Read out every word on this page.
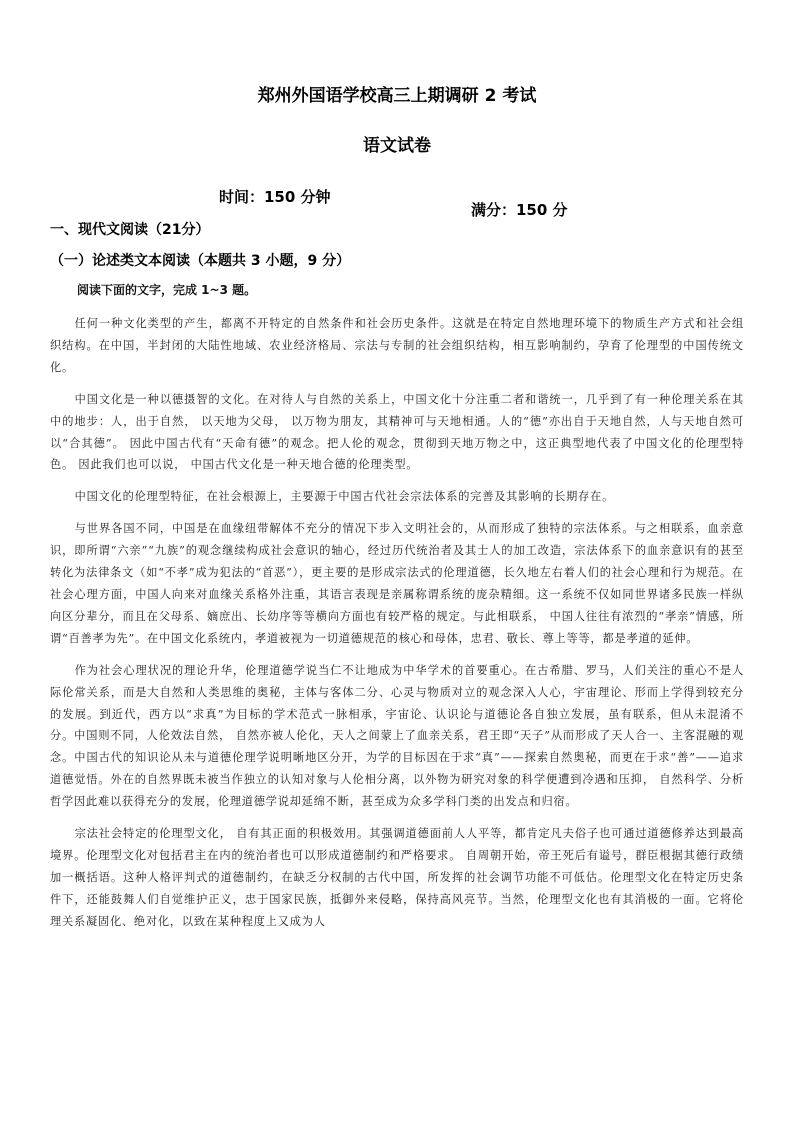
郑州外国语学校高三上期调研 2 考试
语文试卷
时间：150 分钟
满分：150 分
一、现代文阅读（21分）
（一）论述类文本阅读（本题共 3 小题，9 分）
阅读下面的文字，完成 1~3 题。

任何一种文化类型的产生，都离不开特定的自然条件和社会历史条件。这就是在特定自然地理环境下的物质生产方式和社会组织结构。在中国，半封闭的大陆性地域、农业经济格局、宗法与专制的社会组织结构，相互影响制约，孕育了伦理型的中国传统文化。

中国文化是一种以德摄智的文化。在对待人与自然的关系上，中国文化十分注重二者和谐统一，几乎到了有一种伦理关系在其中的地步：人，出于自然， 以天地为父母， 以万物为朋友，其精神可与天地相通。人的“德”亦出自于天地自然，人与天地自然可以“合其德”。 因此中国古代有“天命有德”的观念。把人伦的观念，贯彻到天地万物之中，这正典型地代表了中国文化的伦理型特色。 因此我们也可以说， 中国古代文化是一种天地合德的伦理类型。

中国文化的伦理型特征，在社会根源上，主要源于中国古代社会宗法体系的完善及其影响的长期存在。

与世界各国不同，中国是在血缘纽带解体不充分的情况下步入文明社会的，从而形成了独特的宗法体系。与之相联系，血亲意识，即所谓“六亲”“九族”的观念继续构成社会意识的轴心，经过历代统治者及其士人的加工改造，宗法体系下的血亲意识有的甚至转化为法律条文（如“不孝”成为犯法的“首恶”），更主要的是形成宗法式的伦理道德，长久地左右着人们的社会心理和行为规范。在社会心理方面，中国人向来对血缘关系格外注重，其语言表现是亲属称谓系统的庞杂精细。这一系统不仅如同世界诸多民族一样纵向区分辈分，而且在父母系、嫡庶出、长幼序等等横向方面也有较严格的规定。与此相联系， 中国人往往有浓烈的“孝亲”情感，所谓“百善孝为先”。在中国文化系统内，孝道被视为一切道德规范的核心和母体，忠君、敬长、尊上等等，都是孝道的延伸。

作为社会心理状况的理论升华，伦理道德学说当仁不让地成为中华学术的首要重心。在古希腊、罗马，人们关注的重心不是人际伦常关系，而是大自然和人类思维的奥秘，主体与客体二分、心灵与物质对立的观念深入人心，宇宙理论、形而上学得到较充分的发展。到近代，西方以“求真”为目标的学术范式一脉相承，宇宙论、认识论与道德论各自独立发展，虽有联系，但从未混淆不分。中国则不同，人伦效法自然， 自然亦被人伦化，天人之间蒙上了血亲关系，君王即“天子”从而形成了天人合一、主客混融的观念。中国古代的知识论从未与道德伦理学说明晰地区分开，为学的目标因在于求“真”——探索自然奥秘，而更在于求“善”——追求道德觉悟。外在的自然界既未被当作独立的认知对象与人伦相分离，以外物为研究对象的科学便遭到冷遇和压抑， 自然科学、分析哲学因此难以获得充分的发展，伦理道德学说却延绵不断，甚至成为众多学科门类的出发点和归宿。

宗法社会特定的伦理型文化， 自有其正面的积极效用。其强调道德面前人人平等，都肯定凡夫俗子也可通过道德修养达到最高境界。伦理型文化对包括君主在内的统治者也可以形成道德制约和严格要求。 自周朝开始，帝王死后有谥号，群臣根据其德行政绩加一概括语。这种人格评判式的道德制约，在缺乏分权制的古代中国，所发挥的社会调节功能不可低估。伦理型文化在特定历史条件下，还能鼓舞人们自觉维护正义，忠于国家民族，抵御外来侵略，保持高风亮节。当然，伦理型文化也有其消极的一面。它将伦理关系凝固化、绝对化，以致在某种程度上又成为人
